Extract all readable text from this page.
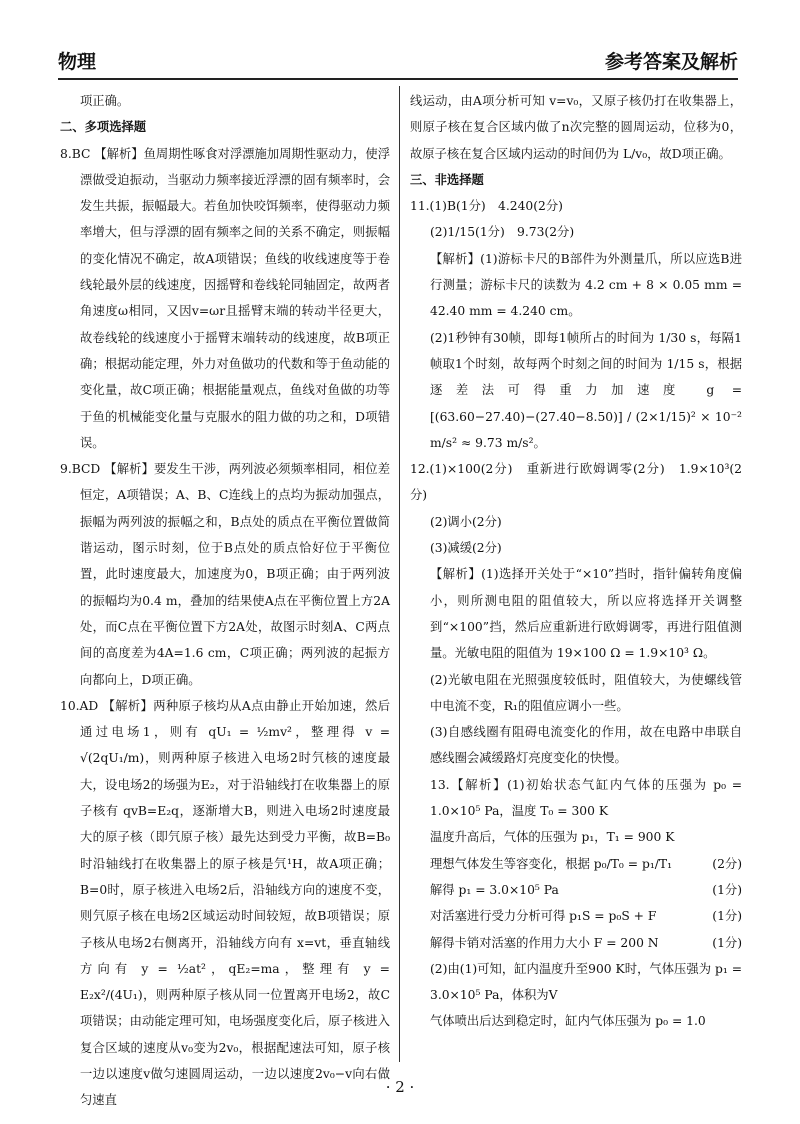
物理	参考答案及解析

项正确。

二、多项选择题

8.BC 【解析】鱼周期性啄食对浮漂施加周期性驱动力，使浮漂做受迫振动，当驱动力频率接近浮漂的固有频率时，会发生共振，振幅最大。若鱼加快咬饵频率，使得驱动力频率增大，但与浮漂的固有频率之间的关系不确定，则振幅的变化情况不确定，故A项错误；鱼线的收线速度等于卷线轮最外层的线速度，因摇臂和卷线轮同轴固定，故两者角速度ω相同，又因v=ωr且摇臂末端的转动半径更大，故卷线轮的线速度小于摇臂末端转动的线速度，故B项正确；根据动能定理，外力对鱼做功的代数和等于鱼动能的变化量，故C项正确；根据能量观点，鱼线对鱼做的功等于鱼的机械能变化量与克服水的阻力做的功之和，D项错误。

9.BCD 【解析】要发生干涉，两列波必须频率相同，相位差恒定，A项错误；A、B、C连线上的点均为振动加强点，振幅为两列波的振幅之和，B点处的质点在平衡位置做简谐运动，图示时刻，位于B点处的质点恰好位于平衡位置，此时速度最大，加速度为0，B项正确；由于两列波的振幅均为0.4 m，叠加的结果使A点在平衡位置上方2A处，而C点在平衡位置下方2A处，故图示时刻A、C两点间的高度差为4A=1.6 cm，C项正确；两列波的起振方向都向上，D项正确。

10.AD 【解析】两种原子核均从A点由静止开始加速，然后通过电场1，则有 qU₁ = ½mv²，整理得 v = √(2qU₁/m)，则两种原子核进入电场2时氕核的速度最大，设电场2的场强为E₂，对于沿轴线打在收集器上的原子核有 qvB=E₂q，逐渐增大B，则进入电场2时速度最大的原子核（即氕原子核）最先达到受力平衡，故B=B₀时沿轴线打在收集器上的原子核是氕¹H，故A项正确；B=0时，原子核进入电场2后，沿轴线方向的速度不变，则氕原子核在电场2区域运动时间较短，故B项错误；原子核从电场2右侧离开，沿轴线方向有 x=vt，垂直轴线方向有 y = ½at²，qE₂=ma，整理有 y = E₂x²/(4U₁)，则两种原子核从同一位置离开电场2，故C项错误；由动能定理可知，电场强度变化后，原子核进入复合区域的速度从v₀变为2v₀，根据配速法可知，原子核一边以速度v做匀速圆周运动，一边以速度2v₀−v向右做匀速直

线运动，由A项分析可知 v=v₀，又原子核仍打在收集器上，则原子核在复合区域内做了n次完整的圆周运动，位移为0，故原子核在复合区域内运动的时间仍为 L/v₀，故D项正确。

三、非选择题

11.(1)B(1分)　4.240(2分)

(2)1/15(1分)　9.73(2分)

【解析】(1)游标卡尺的B部件为外测量爪，所以应选B进行测量；游标卡尺的读数为 4.2 cm + 8 × 0.05 mm = 42.40 mm = 4.240 cm。

(2)1秒钟有30帧，即每1帧所占的时间为 1/30 s，每隔1帧取1个时刻，故每两个时刻之间的时间为 1/15 s，根据逐差法可得重力加速度 g = [(63.60−27.40)−(27.40−8.50)] / (2×1/15)² × 10⁻² m/s² ≈ 9.73 m/s²。

12.(1)×100(2分)　重新进行欧姆调零(2分)　1.9×10³(2分)

(2)调小(2分)

(3)减缓(2分)

【解析】(1)选择开关处于“×10”挡时，指针偏转角度偏小，则所测电阻的阻值较大，所以应将选择开关调整到“×100”挡，然后应重新进行欧姆调零，再进行阻值测量。光敏电阻的阻值为 19×100 Ω = 1.9×10³ Ω。

(2)光敏电阻在光照强度较低时，阻值较大，为使螺线管中电流不变，R₁的阻值应调小一些。

(3)自感线圈有阻碍电流变化的作用，故在电路中串联自感线圈会减缓路灯亮度变化的快慢。

13.【解析】(1)初始状态气缸内气体的压强为 p₀ = 1.0×10⁵ Pa，温度 T₀ = 300 K

温度升高后，气体的压强为 p₁，T₁ = 900 K

(2分)
理想气体发生等容变化，根据 p₀/T₀ = p₁/T₁

(1分)
解得 p₁ = 3.0×10⁵ Pa

(1分)
对活塞进行受力分析可得 p₁S = p₀S + F

(1分)
解得卡销对活塞的作用力大小 F = 200 N

(2)由(1)可知，缸内温度升至900 K时，气体压强为 p₁ = 3.0×10⁵ Pa，体积为V

气体喷出后达到稳定时，缸内气体压强为 p₀ = 1.0

· 2 ·
